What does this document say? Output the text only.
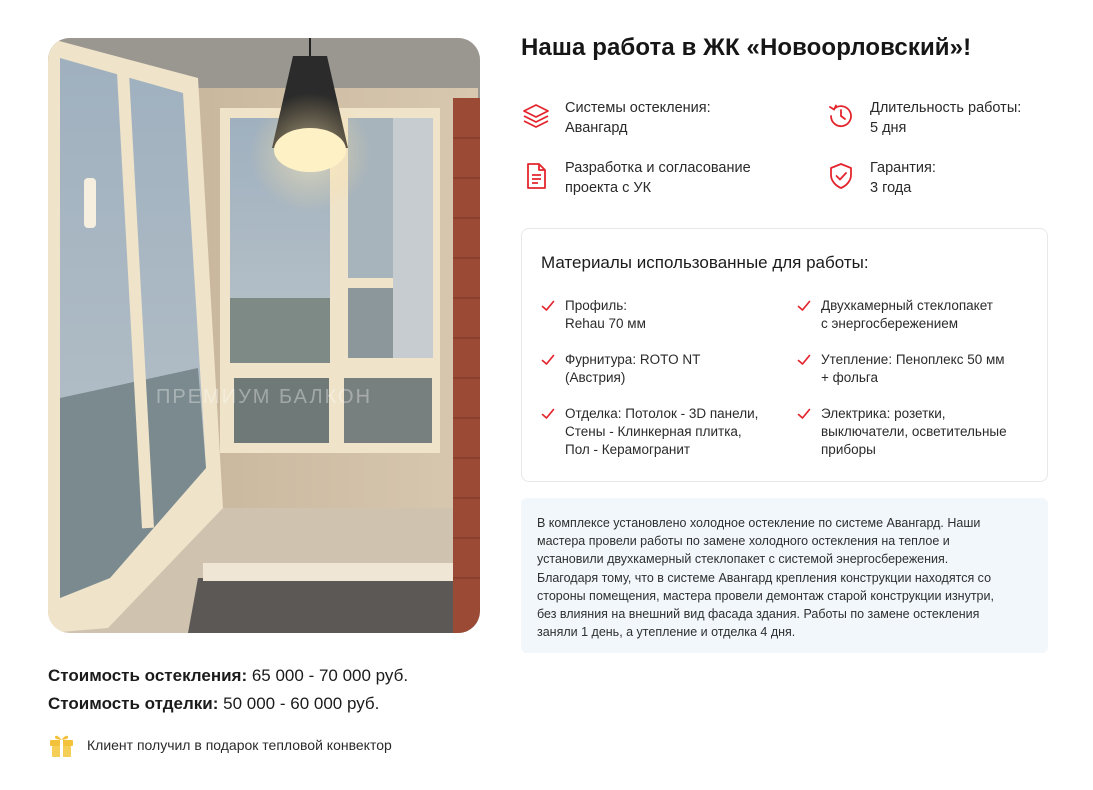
ПРЕМИУМ БАЛКОН
Стоимость остекления: 65 000 - 70 000 руб.
Стоимость отделки: 50 000 - 60 000 руб.
Клиент получил в подарок тепловой конвектор
Наша работа в ЖК «Новоорловский»!
Системы остекления:
Авангард
Длительность работы:
5 дня
Разработка и согласование
проекта с УК
Гарантия:
3 года
Материалы использованные для работы:
Профиль:
Rehau 70 мм
Двухкамерный стеклопакет
с энергосбережением
Фурнитура: ROTO NT
(Австрия)
Утепление: Пеноплекс 50 мм
+ фольга
Отделка: Потолок - 3D панели,
Стены - Клинкерная плитка,
Пол - Керамогранит
Электрика: розетки,
выключатели, осветительные
приборы
В комплексе установлено холодное остекление по системе Авангард. Наши
мастера провели работы по замене холодного остекления на теплое и
установили двухкамерный стеклопакет с системой энергосбережения.
Благодаря тому, что в системе Авангард крепления конструкции находятся со
стороны помещения, мастера провели демонтаж старой конструкции изнутри,
без влияния на внешний вид фасада здания. Работы по замене остекления
заняли 1 день, а утепление и отделка 4 дня.
